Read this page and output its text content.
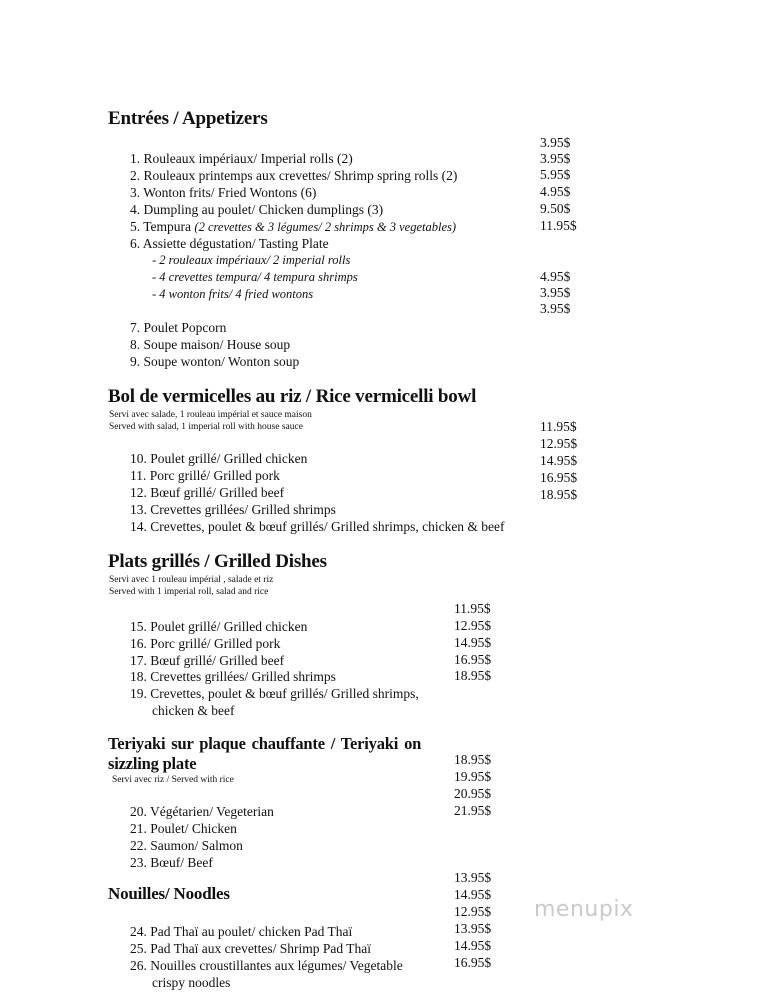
Entrées / Appetizers
3.95$
3.95$
5.95$
4.95$
9.50$
11.95$
4.95$
3.95$
3.95$
1. Rouleaux impériaux/ Imperial rolls (2)
2. Rouleaux printemps aux crevettes/ Shrimp spring rolls (2)
3. Wonton frits/ Fried Wontons (6)
4. Dumpling au poulet/ Chicken dumplings (3)
5. Tempura (2 crevettes & 3 légumes/ 2 shrimps & 3 vegetables)
6. Assiette dégustation/ Tasting Plate
- 2 rouleaux impériaux/ 2 imperial rolls
- 4 crevettes tempura/ 4 tempura shrimps
- 4 wonton frits/ 4 fried wontons
7. Poulet Popcorn
8. Soupe maison/ House soup
9. Soupe wonton/ Wonton soup
Bol de vermicelles au riz / Rice vermicelli bowl
Servi avec salade, 1 rouleau impérial et sauce maison
Served with salad, 1 imperial roll with house sauce	11.95$
12.95$
14.95$
16.95$
18.95$
10. Poulet grillé/ Grilled chicken
11. Porc grillé/ Grilled pork
12. Bœuf grillé/ Grilled beef
13. Crevettes grillées/ Grilled shrimps
14. Crevettes, poulet & bœuf grillés/ Grilled shrimps, chicken & beef
Plats grillés / Grilled Dishes
Servi avec 1 rouleau impérial , salade et riz
Served with 1 imperial roll, salad and rice
11.95$
12.95$
14.95$
16.95$
18.95$
15. Poulet grillé/ Grilled chicken
16. Porc grillé/ Grilled pork
17. Bœuf grillé/ Grilled beef
18. Crevettes grillées/ Grilled shrimps
19. Crevettes, poulet & bœuf grillés/ Grilled shrimps,
chicken & beef
Teriyaki sur plaque chauffante / Teriyaki on
sizzling plate
Servi avec riz / Served with rice
18.95$
19.95$
20.95$
21.95$
20. Végétarien/ Vegeterian
21. Poulet/ Chicken
22. Saumon/ Salmon
23. Bœuf/ Beef
Nouilles/ Noodles
13.95$
14.95$
12.95$
13.95$
14.95$
16.95$
24. Pad Thaï au poulet/ chicken Pad Thaï
25. Pad Thaï aux crevettes/ Shrimp Pad Thaï
26. Nouilles croustillantes aux légumes/ Vegetable
crispy noodles
menupix
